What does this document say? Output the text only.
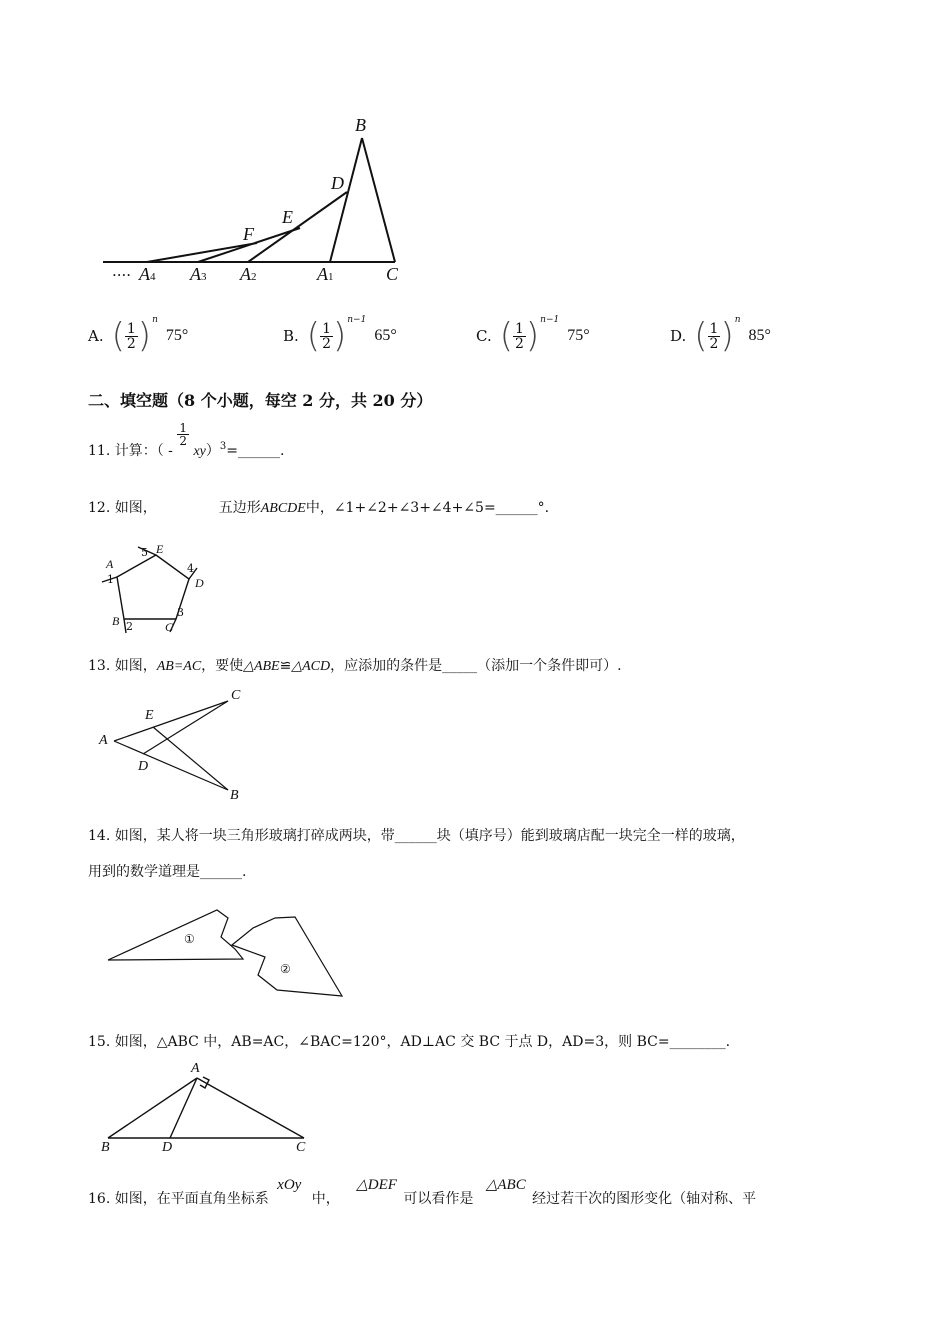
B
D
E
F
···· A4 A3 A2	A1	C
A. ( $\frac{1}{2}$ ) n
75°	B. ( $\frac{1}{2}$ ) n−1
65°	C. ( $\frac{1}{2}$ ) n−1
75°	D. ( $\frac{1}{2}$ ) n
85°
二、填空题（8 个小题，每空 2 分，共 20 分）
11. 计算：（ -
$\frac{1}{2}$
$xy)_3=\_\_\_\_\_\_$.
12. 如图，	五边形ABCDE中，∠1+∠2+∠3+∠4+∠5=______°.
A
E
D
C
B
1
5
4
3
2
13. 如图，AB=AC，要使△ABE≌△ACD，应添加的条件是_____（添加一个条件即可）.
A
E
D
C
B
14. 如图，某人将一块三角形玻璃打碎成两块，带______块（填序号）能到玻璃店配一块完全一样的玻璃，
用到的数学道理是______.
①
②
15. 如图，△ABC 中，AB=AC，∠BAC=120°，AD⊥AC 交 BC 于点 D，AD=3，则 BC=________.
A
B	D	C
16. 如图，在平面直角坐标系 xOy 中， △DEF 可以看作是 △ABC 经过若干次的图形变化（轴对称、平
